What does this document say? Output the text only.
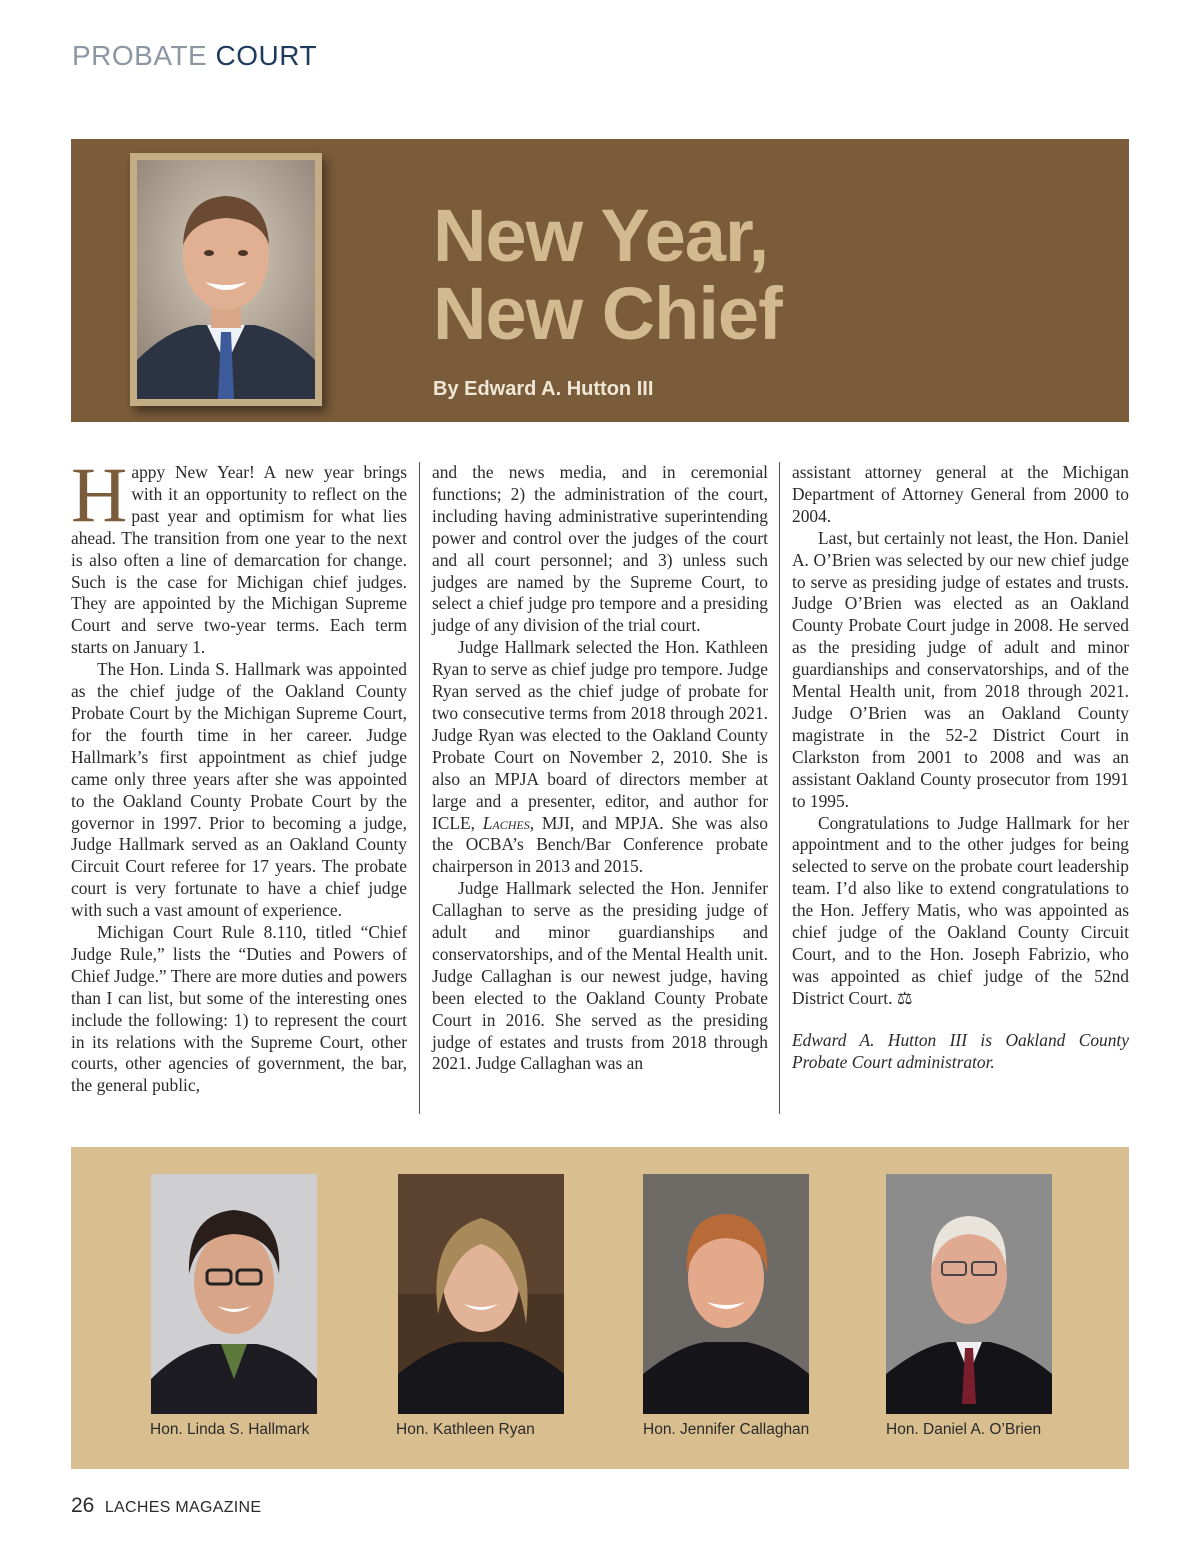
PROBATE COURT
New Year,
New Chief
By Edward A. Hutton III

Happy New Year! A new year brings with it an opportunity to reflect on the past year and optimism for what lies ahead. The transition from one year to the next is also often a line of demarcation for change. Such is the case for Michigan chief judges. They are appointed by the Michigan Supreme Court and serve two-year terms. Each term starts on January 1.

The Hon. Linda S. Hallmark was appointed as the chief judge of the Oakland County Probate Court by the Michigan Supreme Court, for the fourth time in her career. Judge Hallmark’s first appointment as chief judge came only three years after she was appointed to the Oakland County Probate Court by the governor in 1997. Prior to becoming a judge, Judge Hallmark served as an Oakland County Circuit Court referee for 17 years. The probate court is very fortunate to have a chief judge with such a vast amount of experience.

Michigan Court Rule 8.110, titled “Chief Judge Rule,” lists the “Duties and Powers of Chief Judge.” There are more duties and powers than I can list, but some of the interesting ones include the following: 1) to represent the court in its relations with the Supreme Court, other courts, other agencies of government, the bar, the general public,

and the news media, and in ceremonial functions; 2) the administration of the court, including having administrative superintending power and control over the judges of the court and all court personnel; and 3) unless such judges are named by the Supreme Court, to select a chief judge pro tempore and a presiding judge of any division of the trial court.

Judge Hallmark selected the Hon. Kathleen Ryan to serve as chief judge pro tempore. Judge Ryan served as the chief judge of probate for two consecutive terms from 2018 through 2021. Judge Ryan was elected to the Oakland County Probate Court on November 2, 2010. She is also an MPJA board of directors member at large and a presenter, editor, and author for ICLE, Laches, MJI, and MPJA. She was also the OCBA’s Bench/Bar Conference probate chairperson in 2013 and 2015.

Judge Hallmark selected the Hon. Jennifer Callaghan to serve as the presiding judge of adult and minor guardianships and conservatorships, and of the Mental Health unit. Judge Callaghan is our newest judge, having been elected to the Oakland County Probate Court in 2016. She served as the presiding judge of estates and trusts from 2018 through 2021. Judge Callaghan was an

assistant attorney general at the Michigan Department of Attorney General from 2000 to 2004.

Last, but certainly not least, the Hon. Daniel A. O’Brien was selected by our new chief judge to serve as presiding judge of estates and trusts. Judge O’Brien was elected as an Oakland County Probate Court judge in 2008. He served as the presiding judge of adult and minor guardianships and conservatorships, and of the Mental Health unit, from 2018 through 2021. Judge O’Brien was an Oakland County magistrate in the 52-2 District Court in Clarkston from 2001 to 2008 and was an assistant Oakland County prosecutor from 1991 to 1995.

Congratulations to Judge Hallmark for her appointment and to the other judges for being selected to serve on the probate court leadership team. I’d also like to extend congratulations to the Hon. Jeffery Matis, who was appointed as chief judge of the Oakland County Circuit Court, and to the Hon. Joseph Fabrizio, who was appointed as chief judge of the 52nd District Court. ⚖

Edward A. Hutton III is Oakland County Probate Court administrator.

Hon. Linda S. Hallmark	Hon. Kathleen Ryan	Hon. Jennifer Callaghan	Hon. Daniel A. O’Brien
26 LACHES MAGAZINE
